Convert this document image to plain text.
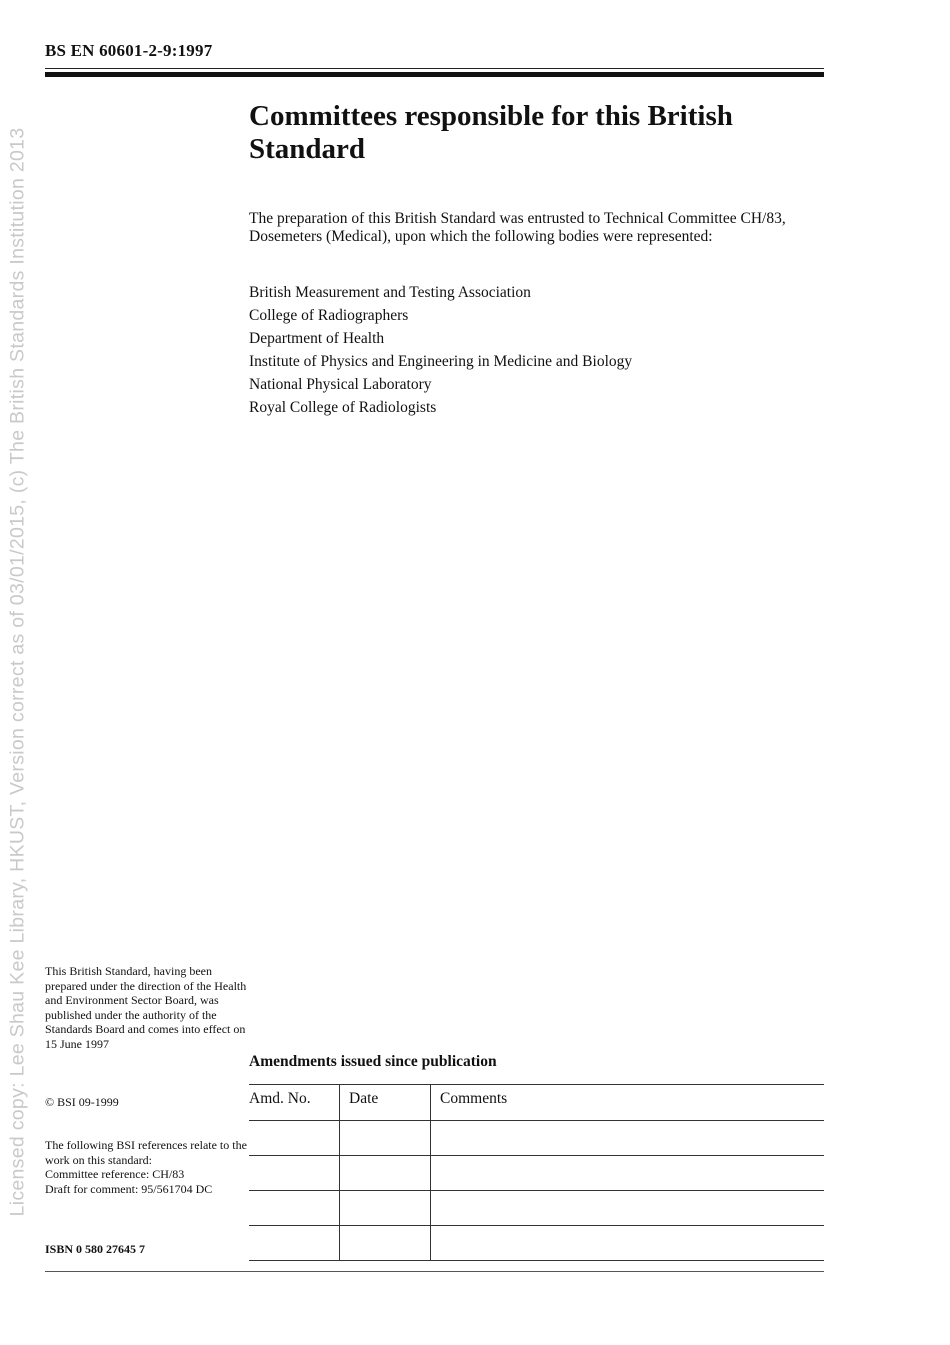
BS EN 60601-2-9:1997
Licensed copy: Lee Shau Kee Library, HKUST, Version correct as of 03/01/2015, (c) The British Standards Institution 2013
Committees responsible for this British Standard

The preparation of this British Standard was entrusted to Technical Committee CH/83, Dosemeters (Medical), upon which the following bodies were represented:

British Measurement and Testing Association
College of Radiographers
Department of Health
Institute of Physics and Engineering in Medicine and Biology
National Physical Laboratory
Royal College of Radiologists
This British Standard, having been prepared under the direction of the Health and Environment Sector Board, was published under the authority of the Standards Board and comes into effect on
15 June 1997
© BSI 09-1999
The following BSI references relate to the work on this standard:
Committee reference: CH/83
Draft for comment: 95/561704 DC
ISBN 0 580 27645 7
Amendments issued since publication
Amd. No.	Date	Comments
